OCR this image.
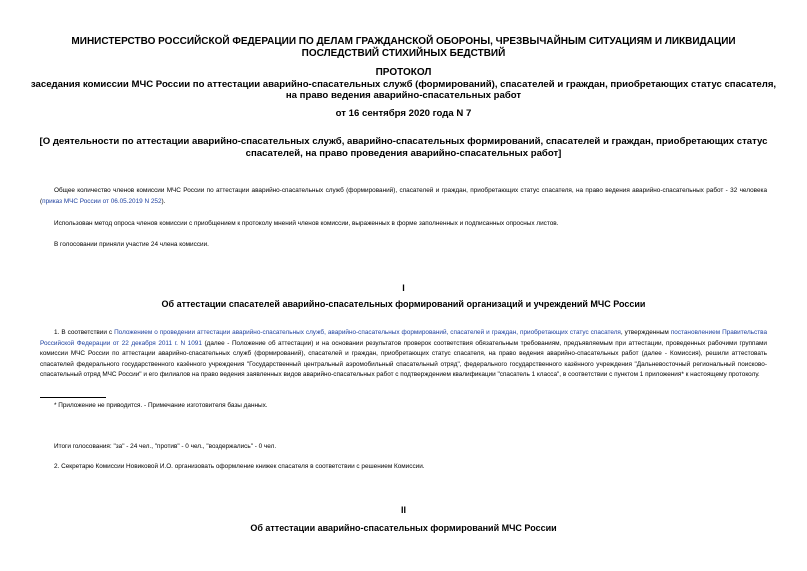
МИНИСТЕРСТВО РОССИЙСКОЙ ФЕДЕРАЦИИ ПО ДЕЛАМ ГРАЖДАНСКОЙ ОБОРОНЫ, ЧРЕЗВЫЧАЙНЫМ СИТУАЦИЯМ И ЛИКВИДАЦИИ ПОСЛЕДСТВИЙ СТИХИЙНЫХ БЕДСТВИЙ
ПРОТОКОЛ
заседания комиссии МЧС России по аттестации аварийно-спасательных служб (формирований), спасателей и граждан, приобретающих статус спасателя, на право ведения аварийно-спасательных работ
от 16 сентября 2020 года N 7
[О деятельности по аттестации аварийно-спасательных служб, аварийно-спасательных формирований, спасателей и граждан, приобретающих статус спасателей, на право проведения аварийно-спасательных работ]
Общее количество членов комиссии МЧС России по аттестации аварийно-спасательных служб (формирований), спасателей и граждан, приобретающих статус спасателя, на право ведения аварийно-спасательных работ - 32 человека (приказ МЧС России от 06.05.2019 N 252).
Использован метод опроса членов комиссии с приобщением к протоколу мнений членов комиссии, выраженных в форме заполненных и подписанных опросных листов.
В голосовании приняли участие 24 члена комиссии.
I
Об аттестации спасателей аварийно-спасательных формирований организаций и учреждений МЧС России
1. В соответствии с Положением о проведении аттестации аварийно-спасательных служб, аварийно-спасательных формирований, спасателей и граждан, приобретающих статус спасателя, утвержденным постановлением Правительства Российской Федерации от 22 декабря 2011 г. N 1091 (далее - Положение об аттестации) и на основании результатов проверок соответствия обязательным требованиям, предъявляемым при аттестации, проведенных рабочими группами комиссии МЧС России по аттестации аварийно-спасательных служб (формирований), спасателей и граждан, приобретающих статус спасателя, на право ведения аварийно-спасательных работ (далее - Комиссия), решили аттестовать спасателей федерального государственного казённого учреждения "Государственный центральный аэромобильный спасательный отряд", федерального государственного казённого учреждения "Дальневосточный региональный поисково-спасательный отряд МЧС России" и его филиалов на право ведения заявленных видов аварийно-спасательных работ с подтверждением квалификации "спасатель 1 класса", в соответствии с пунктом 1 приложения* к настоящему протоколу.
* Приложение не приводится. - Примечание изготовителя базы данных.
Итоги голосования: "за" - 24 чел., "против" - 0 чел., "воздержались" - 0 чел.
2. Секретарю Комиссии Новиковой И.О. организовать оформление книжек спасателя в соответствии с решением Комиссии.
II
Об аттестации аварийно-спасательных формирований МЧС России
